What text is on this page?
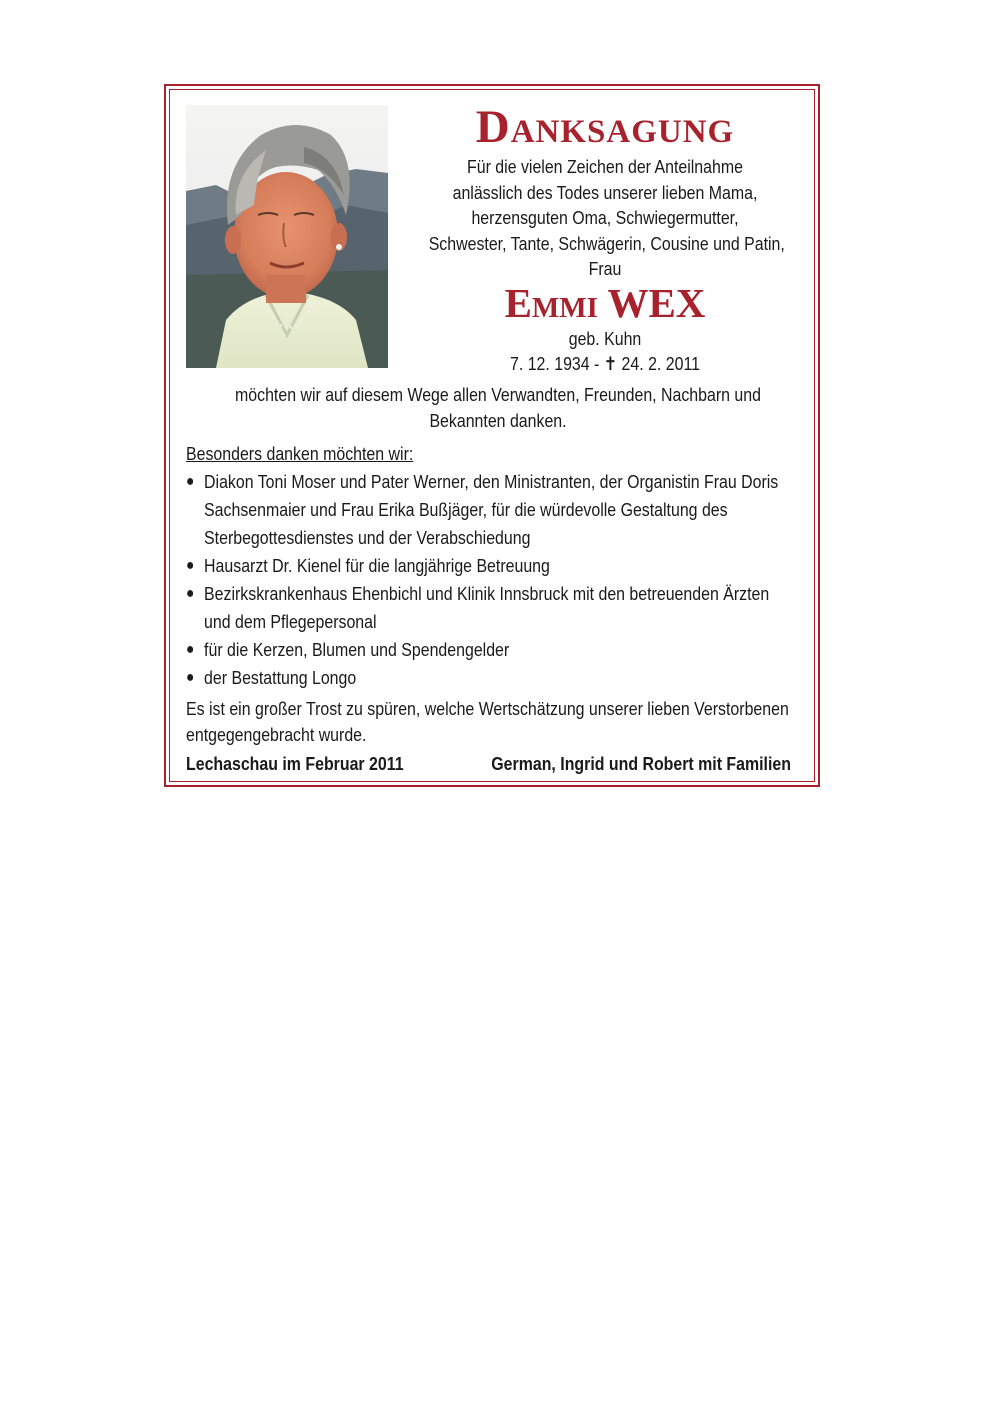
Danksagung
Für die vielen Zeichen der Anteilnahme
anlässlich des Todes unserer lieben Mama,
herzensguten Oma, Schwiegermutter,
Schwester, Tante, Schwägerin, Cousine und Patin,
Frau
Emmi WEX
geb. Kuhn
7. 12. 1934 - ✝ 24. 2. 2011
möchten wir auf diesem Wege allen Verwandten, Freunden, Nachbarn und
Bekannten danken.
Besonders danken möchten wir:
● Diakon Toni Moser und Pater Werner, den Ministranten, der Organistin Frau Doris
Sachsenmaier und Frau Erika Bußjäger, für die würdevolle Gestaltung des
Sterbegottesdienstes und der Verabschiedung
● Hausarzt Dr. Kienel für die langjährige Betreuung
● Bezirkskrankenhaus Ehenbichl und Klinik Innsbruck mit den betreuenden Ärzten
und dem Pflegepersonal
● für die Kerzen, Blumen und Spendengelder
● der Bestattung Longo
Es ist ein großer Trost zu spüren, welche Wertschätzung unserer lieben Verstorbenen
entgegengebracht wurde.
Lechaschau im Februar 2011	German, Ingrid und Robert mit Familien
